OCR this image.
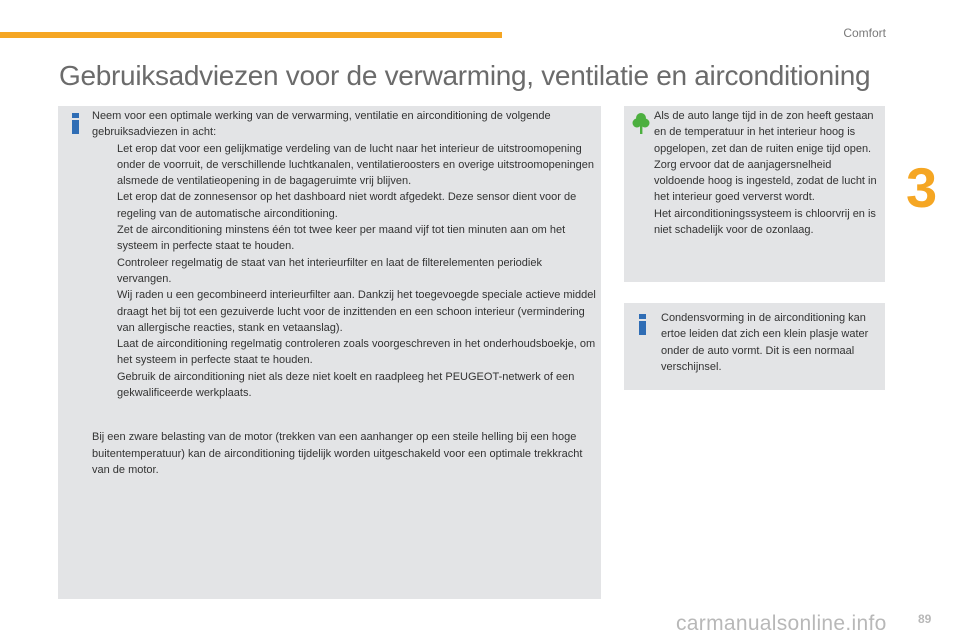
Comfort
3
Gebruiksadviezen voor de verwarming, ventilatie en airconditioning

Neem voor een optimale werking van de verwarming, ventilatie en airconditioning de volgende gebruiksadviezen in acht:

Let erop dat voor een gelijkmatige verdeling van de lucht naar het interieur de uitstroomopening onder de voorruit, de verschillende luchtkanalen, ventilatieroosters en overige uitstroomopeningen alsmede de ventilatieopening in de bagageruimte vrij blijven.
Let erop dat de zonnesensor op het dashboard niet wordt afgedekt. Deze sensor dient voor de regeling van de automatische airconditioning.
Zet de airconditioning minstens één tot twee keer per maand vijf tot tien minuten aan om het systeem in perfecte staat te houden.
Controleer regelmatig de staat van het interieurfilter en laat de filterelementen periodiek vervangen.
Wij raden u een gecombineerd interieurfilter aan. Dankzij het toegevoegde speciale actieve middel draagt het bij tot een gezuiverde lucht voor de inzittenden en een schoon interieur (vermindering van allergische reacties, stank en vetaanslag).
Laat de airconditioning regelmatig controleren zoals voorgeschreven in het onderhoudsboekje, om het systeem in perfecte staat te houden.
Gebruik de airconditioning niet als deze niet koelt en raadpleeg het PEUGEOT-netwerk of een gekwalificeerde werkplaats.

Bij een zware belasting van de motor (trekken van een aanhanger op een steile helling bij een hoge buitentemperatuur) kan de airconditioning tijdelijk worden uitgeschakeld voor een optimale trekkracht van de motor.

Als de auto lange tijd in de zon heeft gestaan en de temperatuur in het interieur hoog is opgelopen, zet dan de ruiten enige tijd open.

Zorg ervoor dat de aanjagersnelheid voldoende hoog is ingesteld, zodat de lucht in het interieur goed ververst wordt.

Het airconditioningssysteem is chloorvrij en is niet schadelijk voor de ozonlaag.

Condensvorming in de airconditioning kan ertoe leiden dat zich een klein plasje water onder de auto vormt. Dit is een normaal verschijnsel.
carmanualsonline.info	89
